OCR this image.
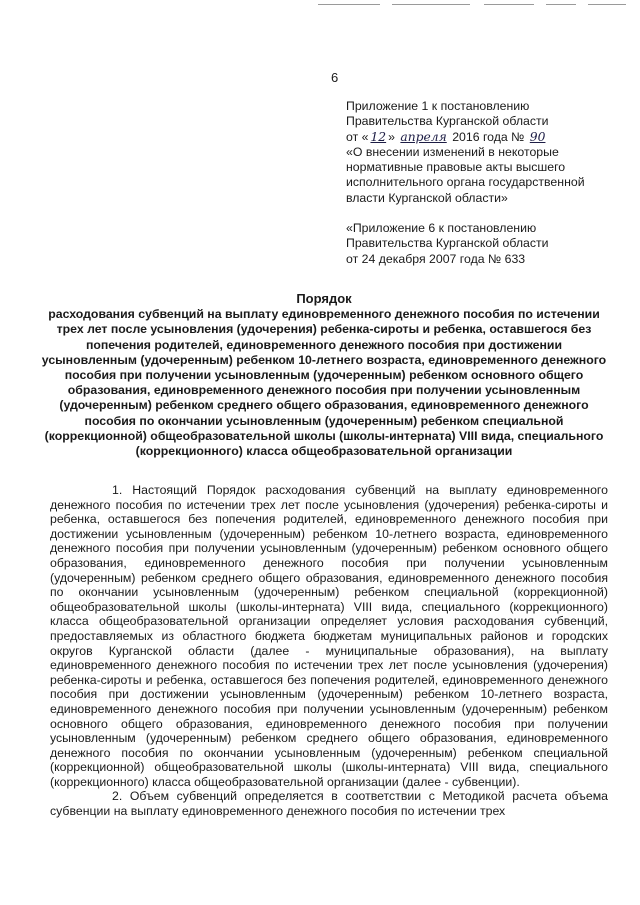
6
Приложение 1 к постановлению
Правительства Курганской области
от « 12 » апреля 2016 года № 90
«О внесении изменений в некоторые
нормативные правовые акты высшего
исполнительного органа государственной
власти Курганской области»
«Приложение 6 к постановлению
Правительства Курганской области
от 24 декабря 2007 года № 633
Порядок
расходования субвенций на выплату единовременного денежного пособия по истечении трех лет после усыновления (удочерения) ребенка-сироты и ребенка, оставшегося без попечения родителей, единовременного денежного пособия при достижении усыновленным (удочеренным) ребенком 10-летнего возраста, единовременного денежного пособия при получении усыновленным (удочеренным) ребенком основного общего образования, единовременного денежного пособия при получении усыновленным (удочеренным) ребенком среднего общего образования, единовременного денежного пособия по окончании усыновленным (удочеренным) ребенком специальной (коррекционной) общеобразовательной школы (школы-интерната) VIII вида, специального (коррекционного) класса общеобразовательной организации

1. Настоящий Порядок расходования субвенций на выплату единовременного денежного пособия по истечении трех лет после усыновления (удочерения) ребенка-сироты и ребенка, оставшегося без попечения родителей, единовременного денежного пособия при достижении усыновленным (удочеренным) ребенком 10-летнего возраста, единовременного денежного пособия при получении усыновленным (удочеренным) ребенком основного общего образования, единовременного денежного пособия при получении усыновленным (удочеренным) ребенком среднего общего образования, единовременного денежного пособия по окончании усыновленным (удочеренным) ребенком специальной (коррекционной) общеобразовательной школы (школы-интерната) VIII вида, специального (коррекционного) класса общеобразовательной организации определяет условия расходования субвенций, предоставляемых из областного бюджета бюджетам муниципальных районов и городских округов Курганской области (далее - муниципальные образования), на выплату единовременного денежного пособия по истечении трех лет после усыновления (удочерения) ребенка-сироты и ребенка, оставшегося без попечения родителей, единовременного денежного пособия при достижении усыновленным (удочеренным) ребенком 10-летнего возраста, единовременного денежного пособия при получении усыновленным (удочеренным) ребенком основного общего образования, единовременного денежного пособия при получении усыновленным (удочеренным) ребенком среднего общего образования, единовременного денежного пособия по окончании усыновленным (удочеренным) ребенком специальной (коррекционной) общеобразовательной школы (школы-интерната) VIII вида, специального (коррекционного) класса общеобразовательной организации (далее - субвенции).

2. Объем субвенций определяется в соответствии с Методикой расчета объема субвенции на выплату единовременного денежного пособия по истечении трех
